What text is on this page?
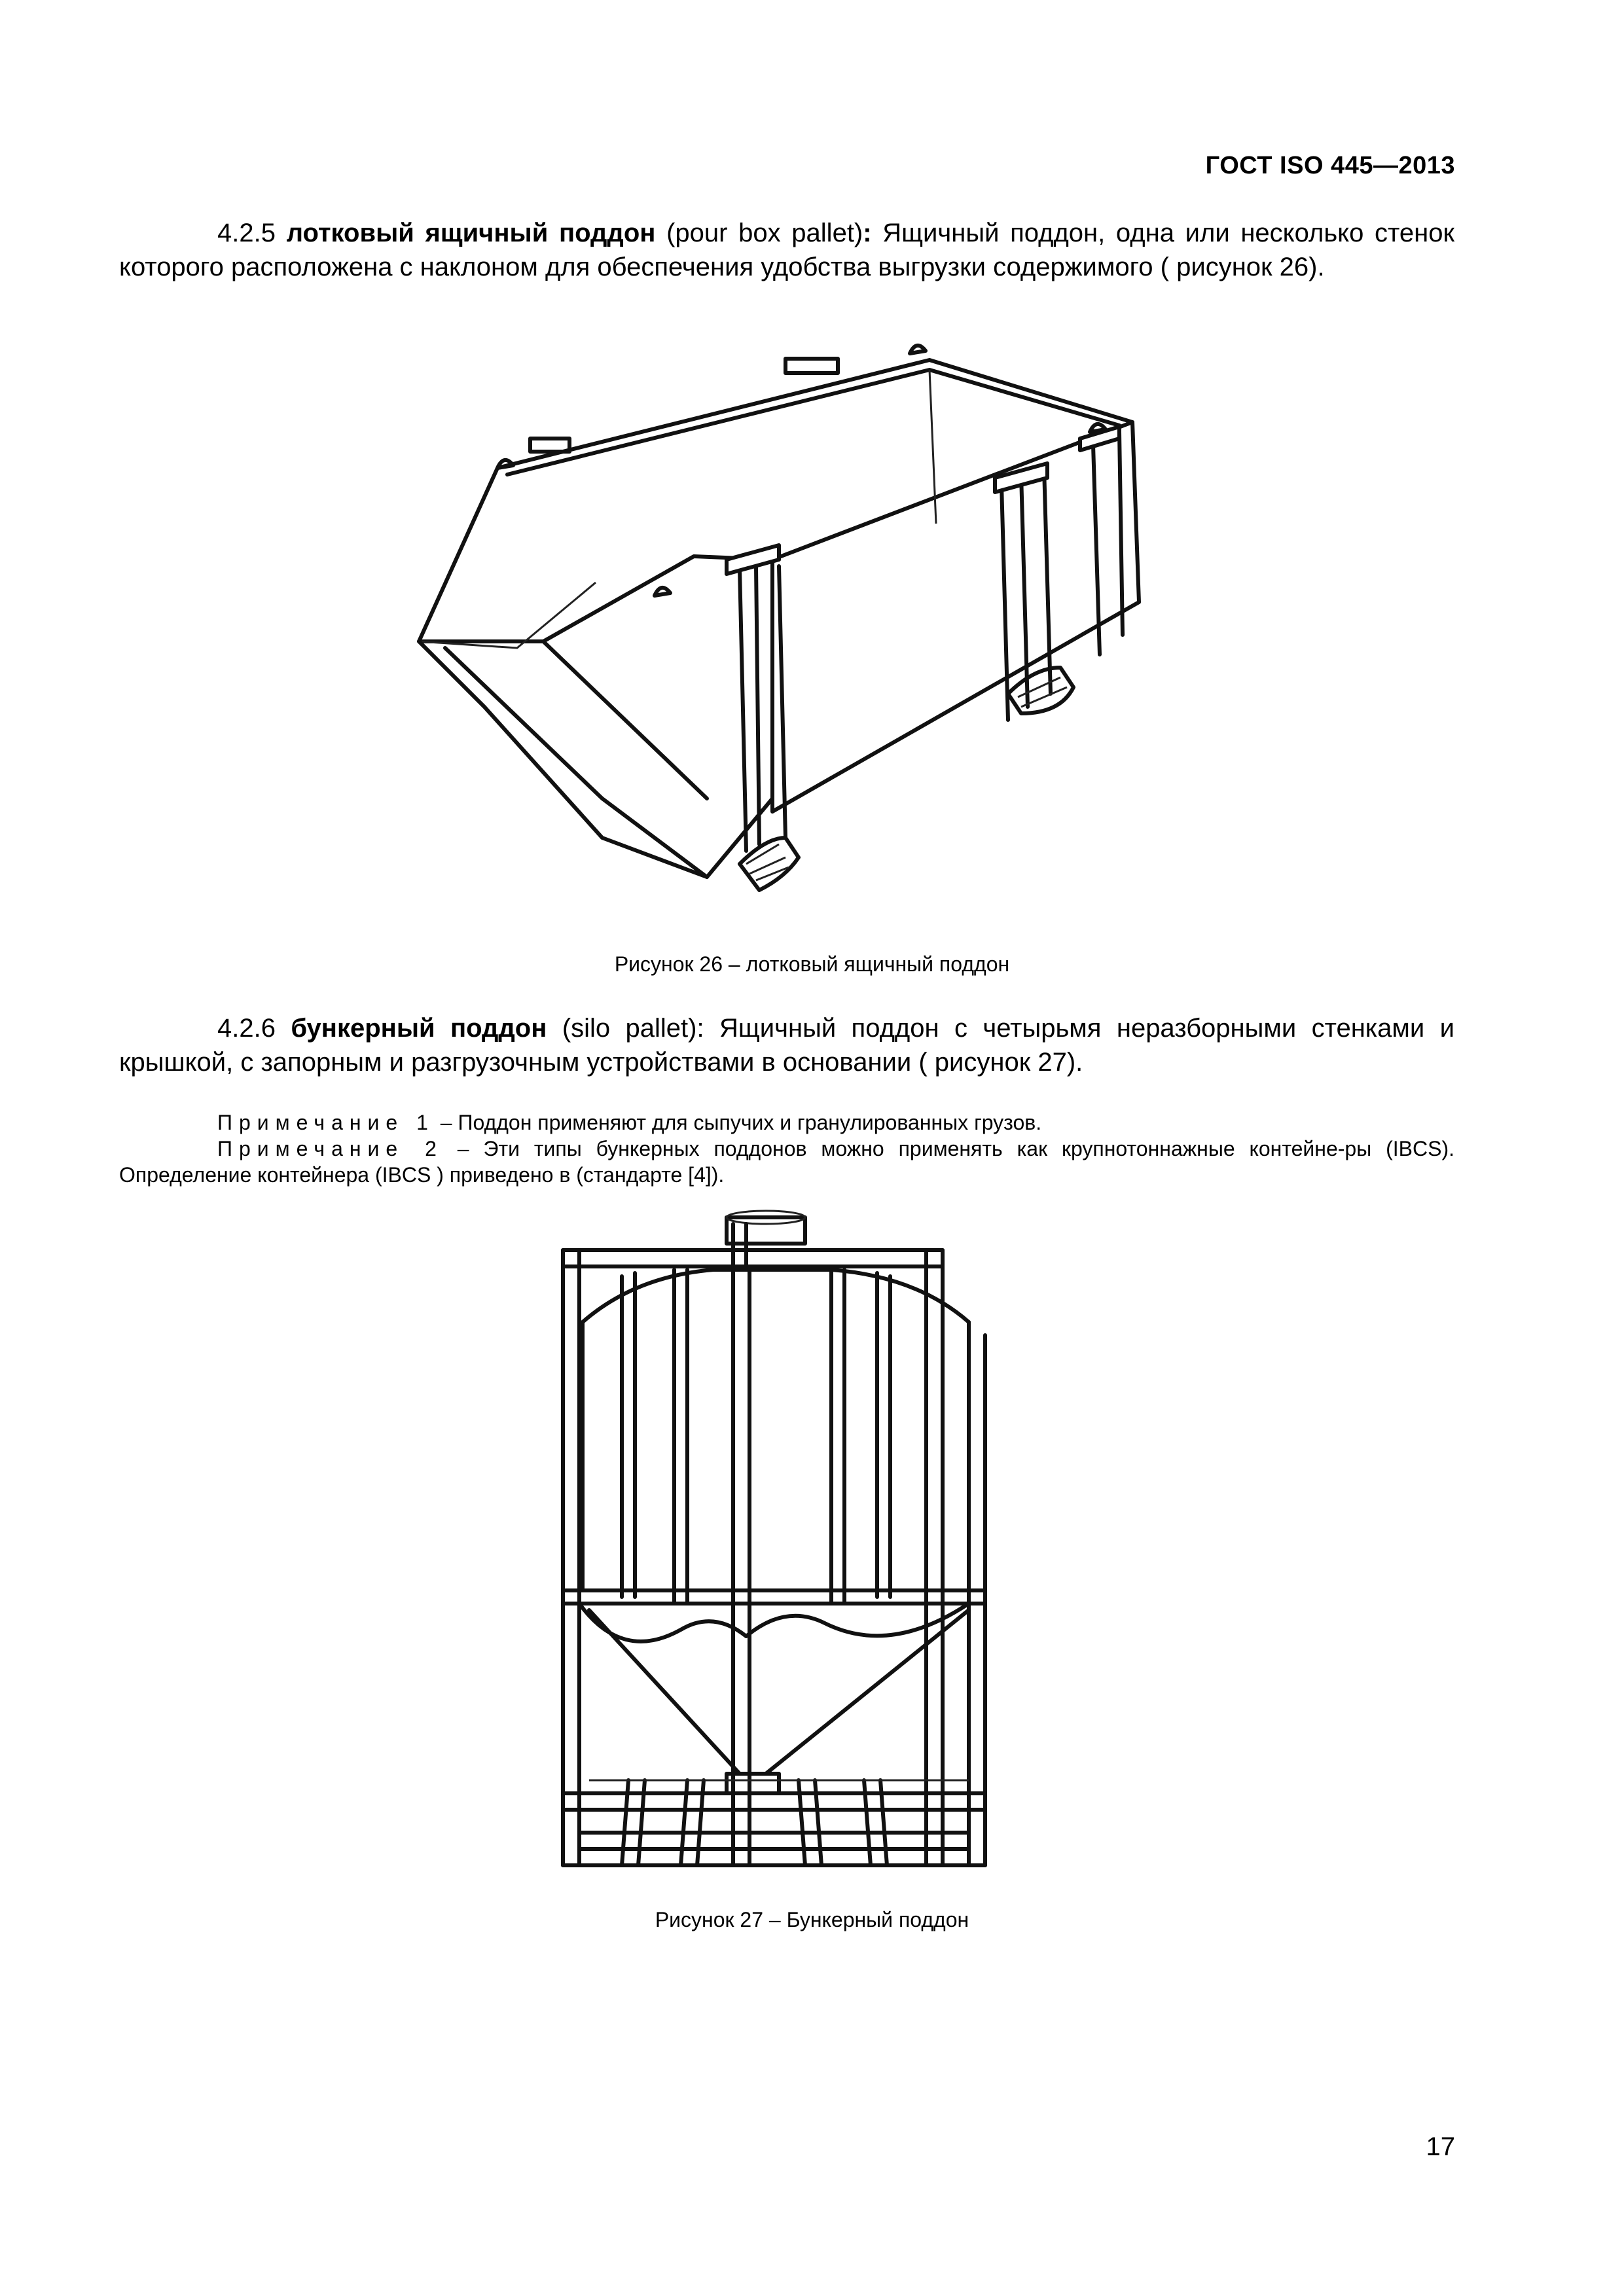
ГОСТ ISO 445—2013
4.2.5 лотковый ящичный поддон (pour box pallet): Ящичный поддон, одна или несколько стенок которого расположена с наклоном для обеспечения удобства выгрузки содержимого ( рисунок 26).
Рисунок 26 – лотковый ящичный поддон
4.2.6 бункерный поддон (silo pallet): Ящичный поддон с четырьмя неразборными стенками и крышкой, с запорным и разгрузочным устройствами в основании ( рисунок 27).
Примечание 1 – Поддон применяют для сыпучих и гранулированных грузов.
Примечание 2 – Эти типы бункерных поддонов можно применять как крупнотоннажные контейне-ры (IBCS). Определение контейнера (IBCS ) приведено в (стандарте [4]).
Рисунок 27 – Бункерный поддон
17
